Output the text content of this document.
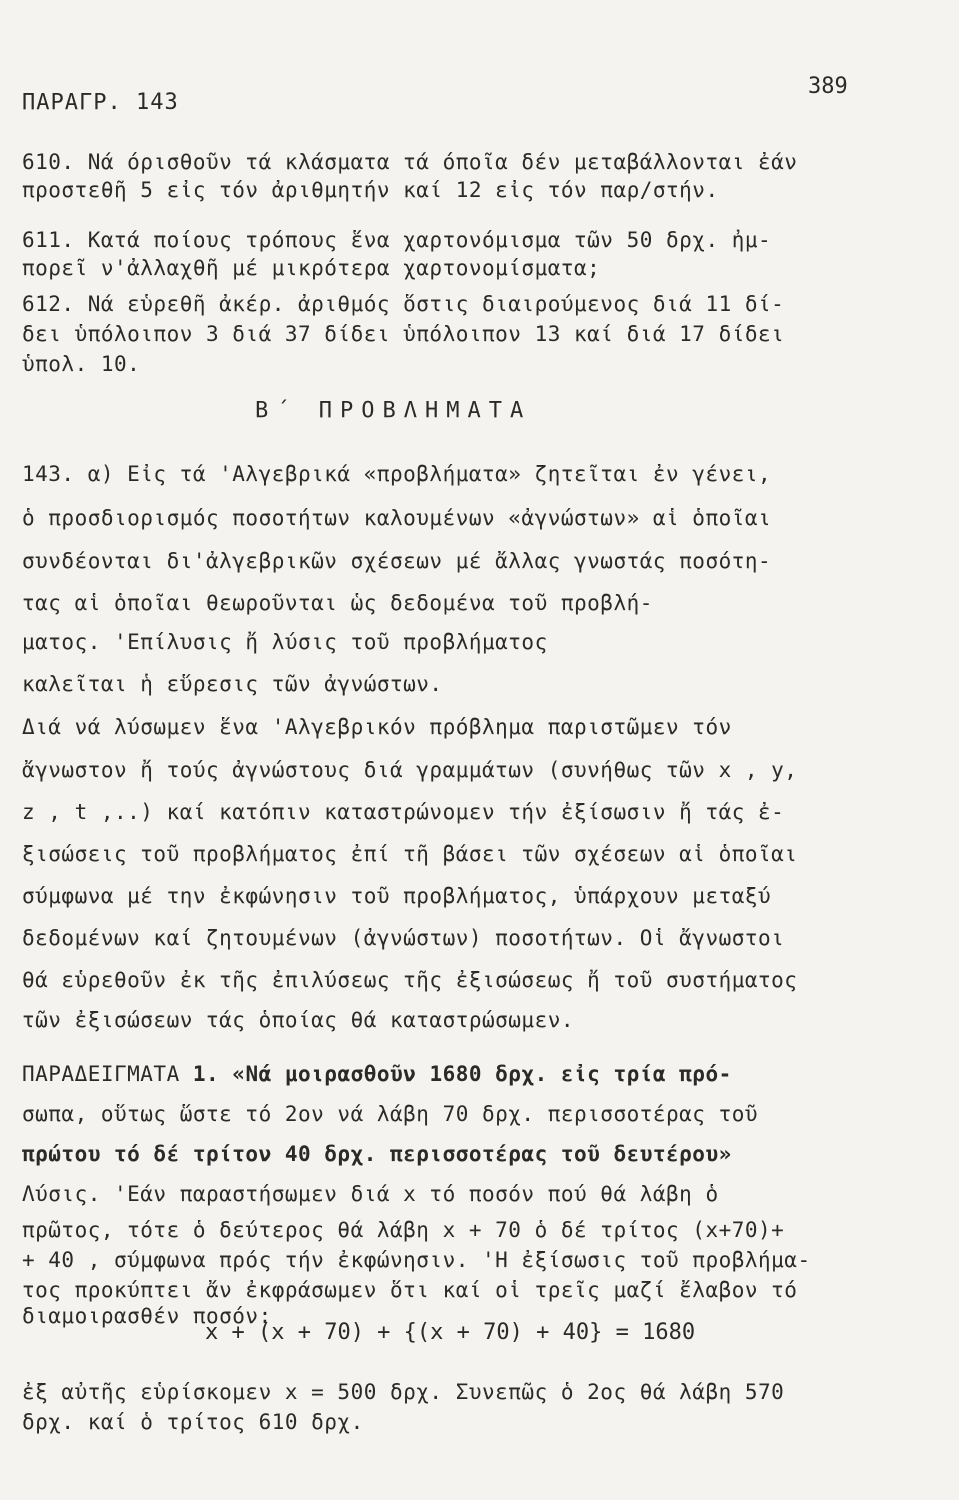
ΠΑΡΑΓΡ. 143
389
610. Νά όρισθοῦν τά κλάσματα τά όποῖα δέν μεταβάλλονται ἐάν
προστεθῆ 5 εἰς τόν ἀριθμητήν καί 12 εἰς τόν παρ/στήν.
611. Κατά ποίους τρόπους ἕνα χαρτονόμισμα τῶν 50 δρχ. ἠμ-
πορεῖ ν'ἀλλαχθῆ μέ μικρότερα χαρτονομίσματα;
612. Νά εὑρεθῆ ἀκέρ. ἀριθμός ὅστις διαιρούμενος διά 11 δί-
δει ὑπόλοιπον 3 διά 37 δίδει ὑπόλοιπον 13 καί διά 17 δίδει
ὑπολ. 10.
Β΄ ΠΡΟΒΛΗΜΑΤΑ
143. α) Εἰς τά 'Αλγεβρικά «προβλήματα» ζητεῖται ἐν γένει,
ὁ προσδιορισμός ποσοτήτων καλουμένων «ἀγνώστων» αἱ ὁποῖαι
συνδέονται δι'ἀλγεβρικῶν σχέσεων μέ ἄλλας γνωστάς ποσότη-
τας αἱ ὁποῖαι θεωροῦνται ὡς δεδομένα τοῦ προβλή-
ματος. 'Επίλυσις ἤ λύσις τοῦ προβλήματος
καλεῖται ἡ εὕρεσις τῶν ἀγνώστων.
Διά νά λύσωμεν ἕνα 'Αλγεβρικόν πρόβλημα παριστῶμεν τόν
ἄγνωστον ἤ τούς ἀγνώστους διά γραμμάτων (συνήθως τῶν x , y,
z , t ,..) καί κατόπιν καταστρώνομεν τήν ἐξίσωσιν ἤ τάς ἐ-
ξισώσεις τοῦ προβλήματος ἐπί τῆ βάσει τῶν σχέσεων αἱ ὁποῖαι
σύμφωνα μέ την ἐκφώνησιν τοῦ προβλήματος, ὑπάρχουν μεταξύ
δεδομένων καί ζητουμένων (ἀγνώστων) ποσοτήτων. Οἱ ἄγνωστοι
θά εὑρεθοῦν ἐκ τῆς ἐπιλύσεως τῆς ἐξισώσεως ἤ τοῦ συστήματος
τῶν ἐξισώσεων τάς ὁποίας θά καταστρώσωμεν.
ΠΑΡΑΔΕΙΓΜΑΤΑ 1. «Νά μοιρασθοῦν 1680 δρχ. εἰς τρία πρό-
σωπα, οὕτως ὥστε τό 2ον νά λάβη 70 δρχ. περισσοτέρας τοῦ
πρώτου τό δέ τρίτον 40 δρχ. περισσοτέρας τοῦ δευτέρου»
Λύσις. 'Εάν παραστήσωμεν διά x τό ποσόν πού θά λάβη ὁ
πρῶτος, τότε ὁ δεύτερος θά λάβη x + 70 ὁ δέ τρίτος (x+70)+
+ 40 , σύμφωνα πρός τήν ἐκφώνησιν. 'Η ἐξίσωσις τοῦ προβλήμα-
τος προκύπτει ἄν ἐκφράσωμεν ὅτι καί οἱ τρεῖς μαζί ἔλαβον τό
διαμοιρασθέν ποσόν:
x + (x + 70) + {(x + 70) + 40} = 1680
ἐξ αὐτῆς εὑρίσκομεν x = 500 δρχ. Συνεπῶς ὁ 2ος θά λάβη 570
δρχ. καί ὁ τρίτος 610 δρχ.
